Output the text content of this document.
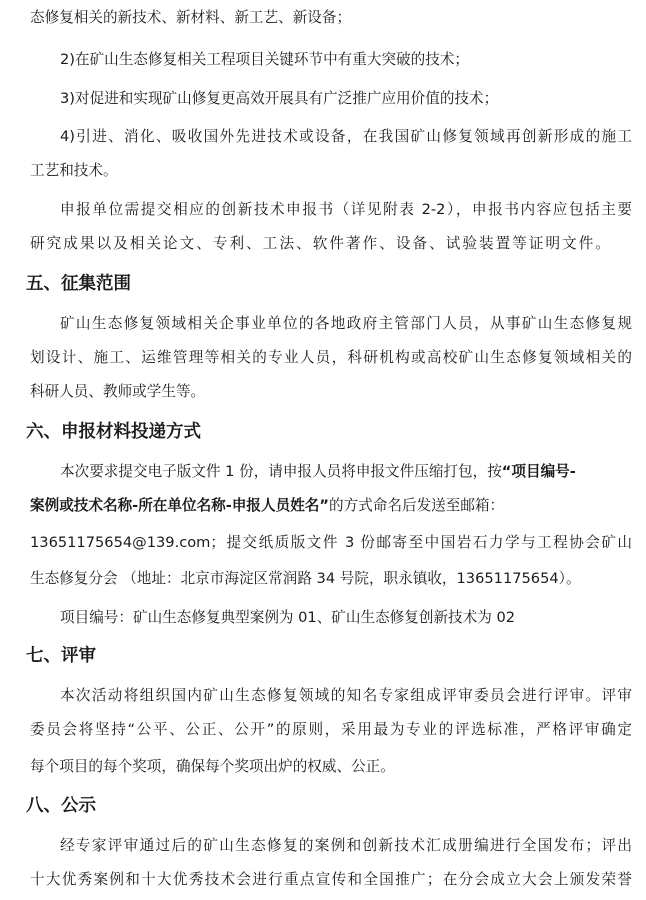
态修复相关的新技术、新材料、新工艺、新设备；
2)在矿山生态修复相关工程项目关键环节中有重大突破的技术；
3)对促进和实现矿山修复更高效开展具有广泛推广应用价值的技术；
4)引进、消化、吸收国外先进技术或设备，在我国矿山修复领域再创新形成的施工
工艺和技术。
申报单位需提交相应的创新技术申报书（详见附表 2-2），申报书内容应包括主要
研究成果以及相关论文、专利、工法、软件著作、设备、试验装置等证明文件。
五、征集范围
矿山生态修复领域相关企事业单位的各地政府主管部门人员，从事矿山生态修复规
划设计、施工、运维管理等相关的专业人员，科研机构或高校矿山生态修复领域相关的
科研人员、教师或学生等。
六、申报材料投递方式
本次要求提交电子版文件 1 份，请申报人员将申报文件压缩打包，按“项目编号-
案例或技术名称-所在单位名称-申报人员姓名”的方式命名后发送至邮箱：
13651175654@139.com；提交纸质版文件 3 份邮寄至中国岩石力学与工程协会矿山
生态修复分会 （地址：北京市海淀区常润路 34 号院，职永镇收，13651175654）。
项目编号：矿山生态修复典型案例为 01、矿山生态修复创新技术为 02
七、评审
本次活动将组织国内矿山生态修复领域的知名专家组成评审委员会进行评审。评审
委员会将坚持“公平、公正、公开”的原则，采用最为专业的评选标准，严格评审确定
每个项目的每个奖项，确保每个奖项出炉的权威、公正。
八、公示
经专家评审通过后的矿山生态修复的案例和创新技术汇成册编进行全国发布；评出
十大优秀案例和十大优秀技术会进行重点宣传和全国推广；在分会成立大会上颁发荣誉
